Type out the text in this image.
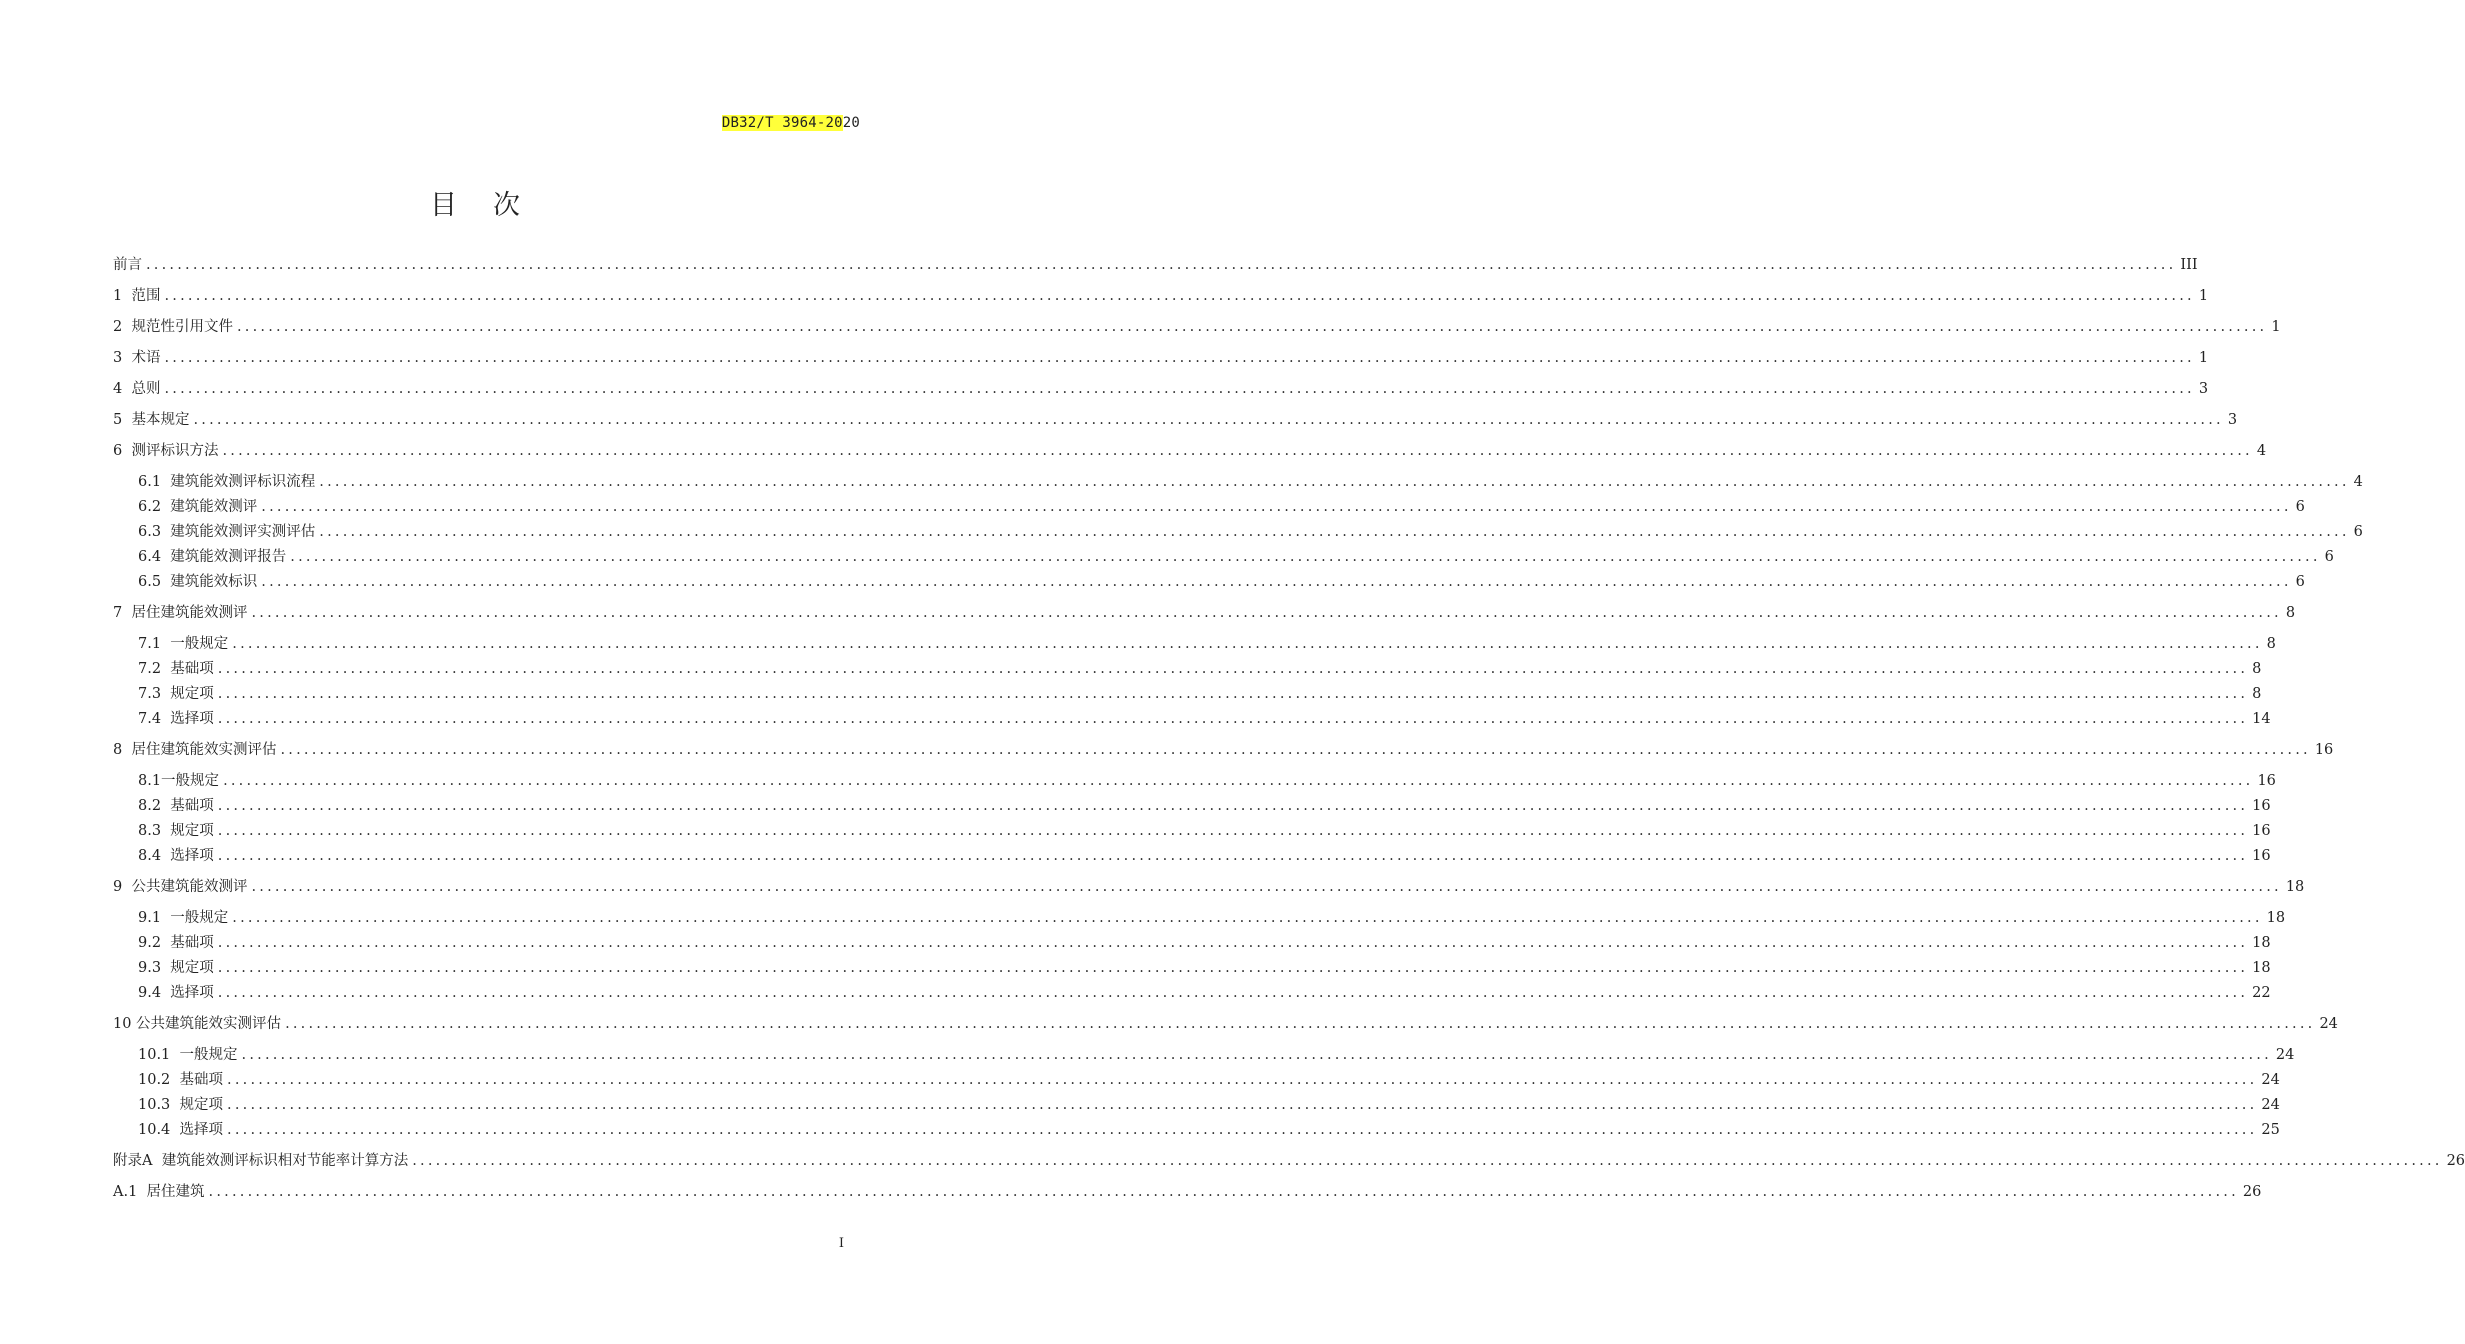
DB32/T 3964-2020
目次
前言 .................................................................................................................................................................................................................................................................... III
1  范围 .................................................................................................................................................................................................................................................................... 1
2  规范性引用文件 .................................................................................................................................................................................................................................................................... 1
3  术语 .................................................................................................................................................................................................................................................................... 1
4  总则 .................................................................................................................................................................................................................................................................... 3
5  基本规定 .................................................................................................................................................................................................................................................................... 3
6  测评标识方法 .................................................................................................................................................................................................................................................................... 4
6.1  建筑能效测评标识流程 .................................................................................................................................................................................................................................................................... 4
6.2  建筑能效测评 .................................................................................................................................................................................................................................................................... 6
6.3  建筑能效测评实测评估 .................................................................................................................................................................................................................................................................... 6
6.4  建筑能效测评报告 .................................................................................................................................................................................................................................................................... 6
6.5  建筑能效标识 .................................................................................................................................................................................................................................................................... 6
7  居住建筑能效测评 .................................................................................................................................................................................................................................................................... 8
7.1  一般规定 .................................................................................................................................................................................................................................................................... 8
7.2  基础项 .................................................................................................................................................................................................................................................................... 8
7.3  规定项 .................................................................................................................................................................................................................................................................... 8
7.4  选择项 .................................................................................................................................................................................................................................................................... 14
8  居住建筑能效实测评估 .................................................................................................................................................................................................................................................................... 16
8.1一般规定 .................................................................................................................................................................................................................................................................... 16
8.2  基础项 .................................................................................................................................................................................................................................................................... 16
8.3  规定项 .................................................................................................................................................................................................................................................................... 16
8.4  选择项 .................................................................................................................................................................................................................................................................... 16
9  公共建筑能效测评 .................................................................................................................................................................................................................................................................... 18
9.1  一般规定 .................................................................................................................................................................................................................................................................... 18
9.2  基础项 .................................................................................................................................................................................................................................................................... 18
9.3  规定项 .................................................................................................................................................................................................................................................................... 18
9.4  选择项 .................................................................................................................................................................................................................................................................... 22
10 公共建筑能效实测评估 .................................................................................................................................................................................................................................................................... 24
10.1  一般规定 .................................................................................................................................................................................................................................................................... 24
10.2  基础项 .................................................................................................................................................................................................................................................................... 24
10.3  规定项 .................................................................................................................................................................................................................................................................... 24
10.4  选择项 .................................................................................................................................................................................................................................................................... 25
附录A  建筑能效测评标识相对节能率计算方法 .................................................................................................................................................................................................................................................................... 26
A.1  居住建筑 .................................................................................................................................................................................................................................................................... 26
I
